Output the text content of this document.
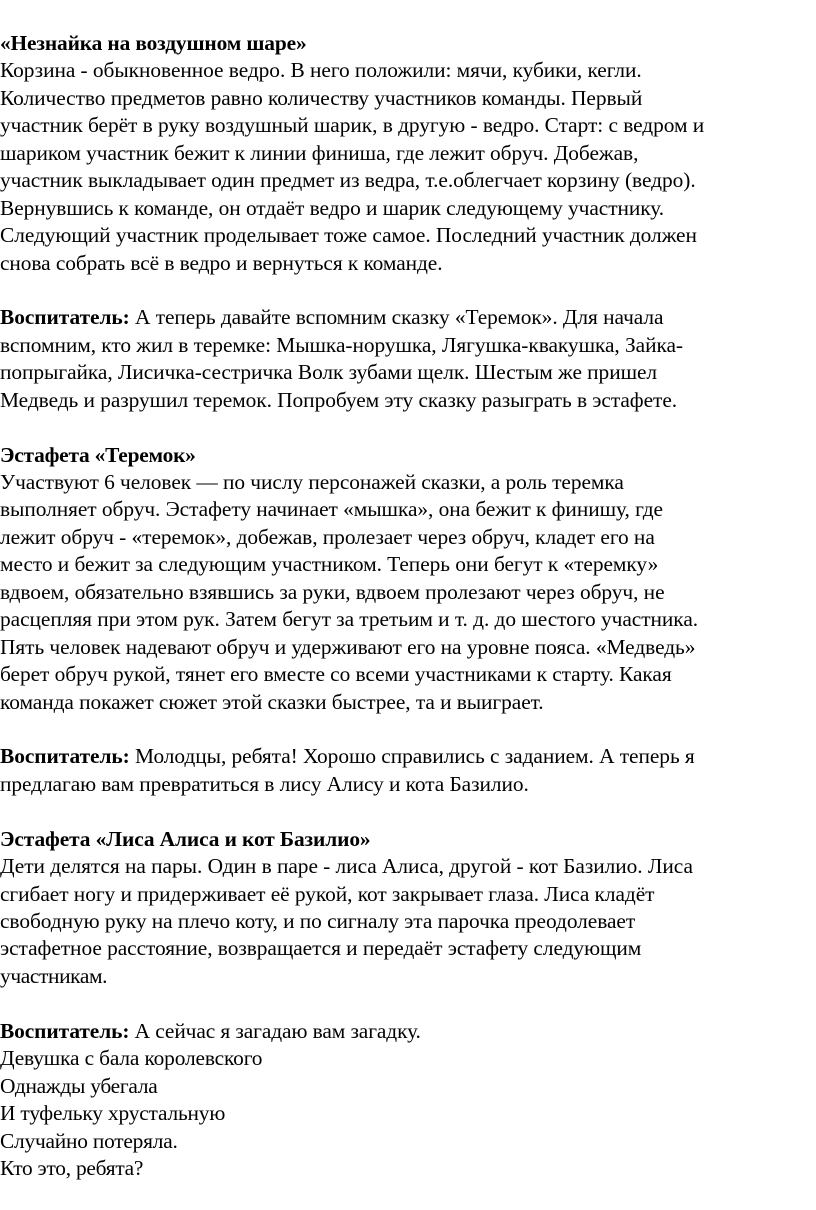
«Незнайка на воздушном шаре»
Корзина - обыкновенное ведро. В него положили: мячи, кубики, кегли.
Количество предметов равно количеству участников команды. Первый
участник берёт в руку воздушный шарик, в другую - ведро. Старт: с ведром и
шариком участник бежит к линии финиша, где лежит обруч. Добежав,
участник выкладывает один предмет из ведра, т.е.облегчает корзину (ведро).
Вернувшись к команде, он отдаёт ведро и шарик следующему участнику.
Следующий участник проделывает тоже самое. Последний участник должен
снова собрать всё в ведро и вернуться к команде.
Воспитатель: А теперь давайте вспомним сказку «Теремок». Для начала
вспомним, кто жил в теремке: Мышка-норушка, Лягушка-квакушка, Зайка-
попрыгайка, Лисичка-сестричка Волк зубами щелк. Шестым же пришел
Медведь и разрушил теремок. Попробуем эту сказку разыграть в эстафете.
Эстафета «Теремок»
Участвуют 6 человек — по числу персонажей сказки, а роль теремка
выполняет обруч. Эстафету начинает «мышка», она бежит к финишу, где
лежит обруч - «теремок», добежав, пролезает через обруч, кладет его на
место и бежит за следующим участником. Теперь они бегут к «теремку»
вдвоем, обязательно взявшись за руки, вдвоем пролезают через обруч, не
расцепляя при этом рук. Затем бегут за третьим и т. д. до шестого участника.
Пять человек надевают обруч и удерживают его на уровне пояса. «Медведь»
берет обруч рукой, тянет его вместе со всеми участниками к старту. Какая
команда покажет сюжет этой сказки быстрее, та и выиграет.
Воспитатель: Молодцы, ребята! Хорошо справились с заданием. А теперь я
предлагаю вам превратиться в лису Алису и кота Базилио.
Эстафета «Лиса Алиса и кот Базилио»
Дети делятся на пары. Один в паре - лиса Алиса, другой - кот Базилио. Лиса
сгибает ногу и придерживает её рукой, кот закрывает глаза. Лиса кладёт
свободную руку на плечо коту, и по сигналу эта парочка преодолевает
эстафетное расстояние, возвращается и передаёт эстафету следующим
участникам.
Воспитатель: А сейчас я загадаю вам загадку.
Девушка с бала королевского
Однажды убегала
И туфельку хрустальную
Случайно потеряла.
Кто это, ребята?
